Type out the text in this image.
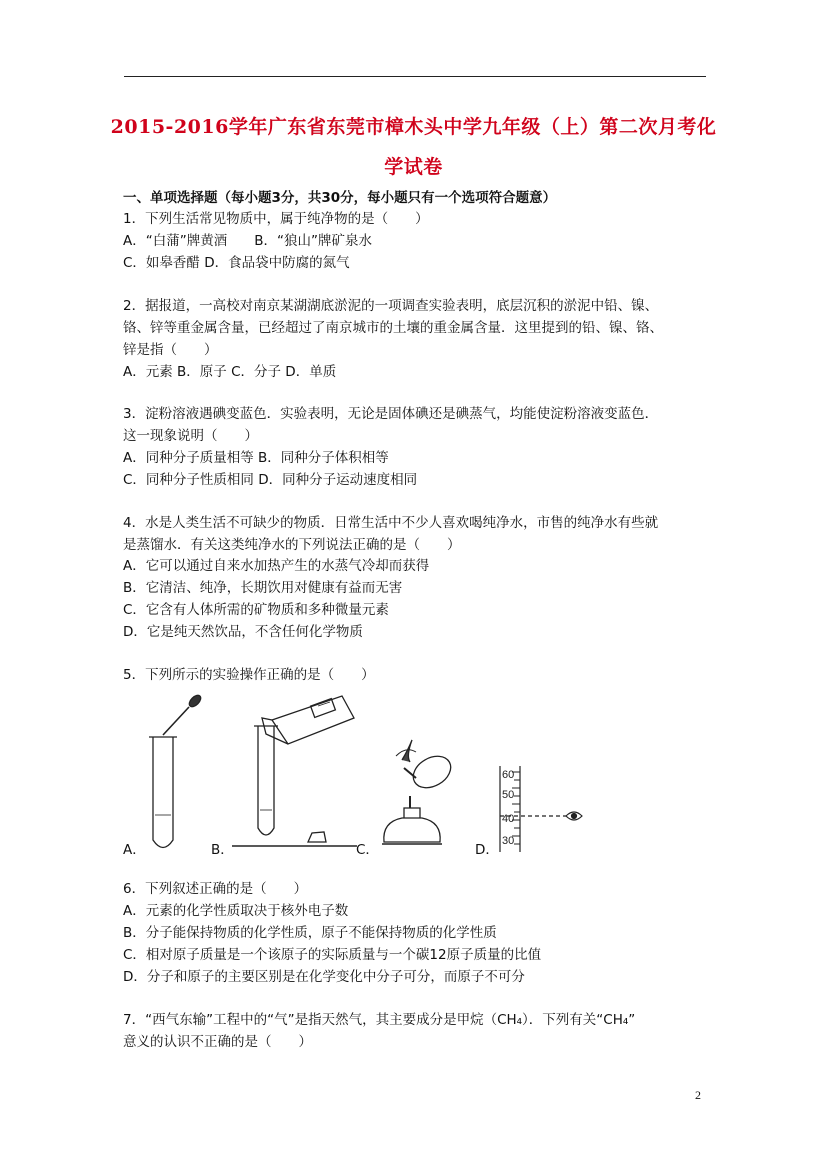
2015-2016学年广东省东莞市樟木头中学九年级（上）第二次月考化
学试卷
一、单项选择题（每小题3分，共30分，每小题只有一个选项符合题意）
1．下列生活常见物质中，属于纯净物的是（　　）
A．“白蒲”牌黄酒　　B．“狼山”牌矿泉水
C．如皋香醋 D．食品袋中防腐的氮气
2．据报道，一高校对南京某湖湖底淤泥的一项调查实验表明，底层沉积的淤泥中铅、镍、
铬、锌等重金属含量，已经超过了南京城市的土壤的重金属含量．这里提到的铅、镍、铬、
锌是指（　　）
A．元素 B．原子 C．分子 D．单质
3．淀粉溶液遇碘变蓝色．实验表明，无论是固体碘还是碘蒸气，均能使淀粉溶液变蓝色．
这一现象说明（　　）
A．同种分子质量相等 B．同种分子体积相等
C．同种分子性质相同 D．同种分子运动速度相同
4．水是人类生活不可缺少的物质．日常生活中不少人喜欢喝纯净水，市售的纯净水有些就
是蒸馏水．有关这类纯净水的下列说法正确的是（　　）
A．它可以通过自来水加热产生的水蒸气冷却而获得
B．它清洁、纯净，长期饮用对健康有益而无害
C．它含有人体所需的矿物质和多种微量元素
D．它是纯天然饮品，不含任何化学物质
5．下列所示的实验操作正确的是（　　）
A．	B．	C．
60
50
40
30
D．
6．下列叙述正确的是（　　）
A．元素的化学性质取决于核外电子数
B．分子能保持物质的化学性质，原子不能保持物质的化学性质
C．相对原子质量是一个该原子的实际质量与一个碳12原子质量的比值
D．分子和原子的主要区别是在化学变化中分子可分，而原子不可分
7．“西气东输”工程中的“气”是指天然气，其主要成分是甲烷（CH₄）．下列有关“CH₄”
意义的认识不正确的是（　　）
2
